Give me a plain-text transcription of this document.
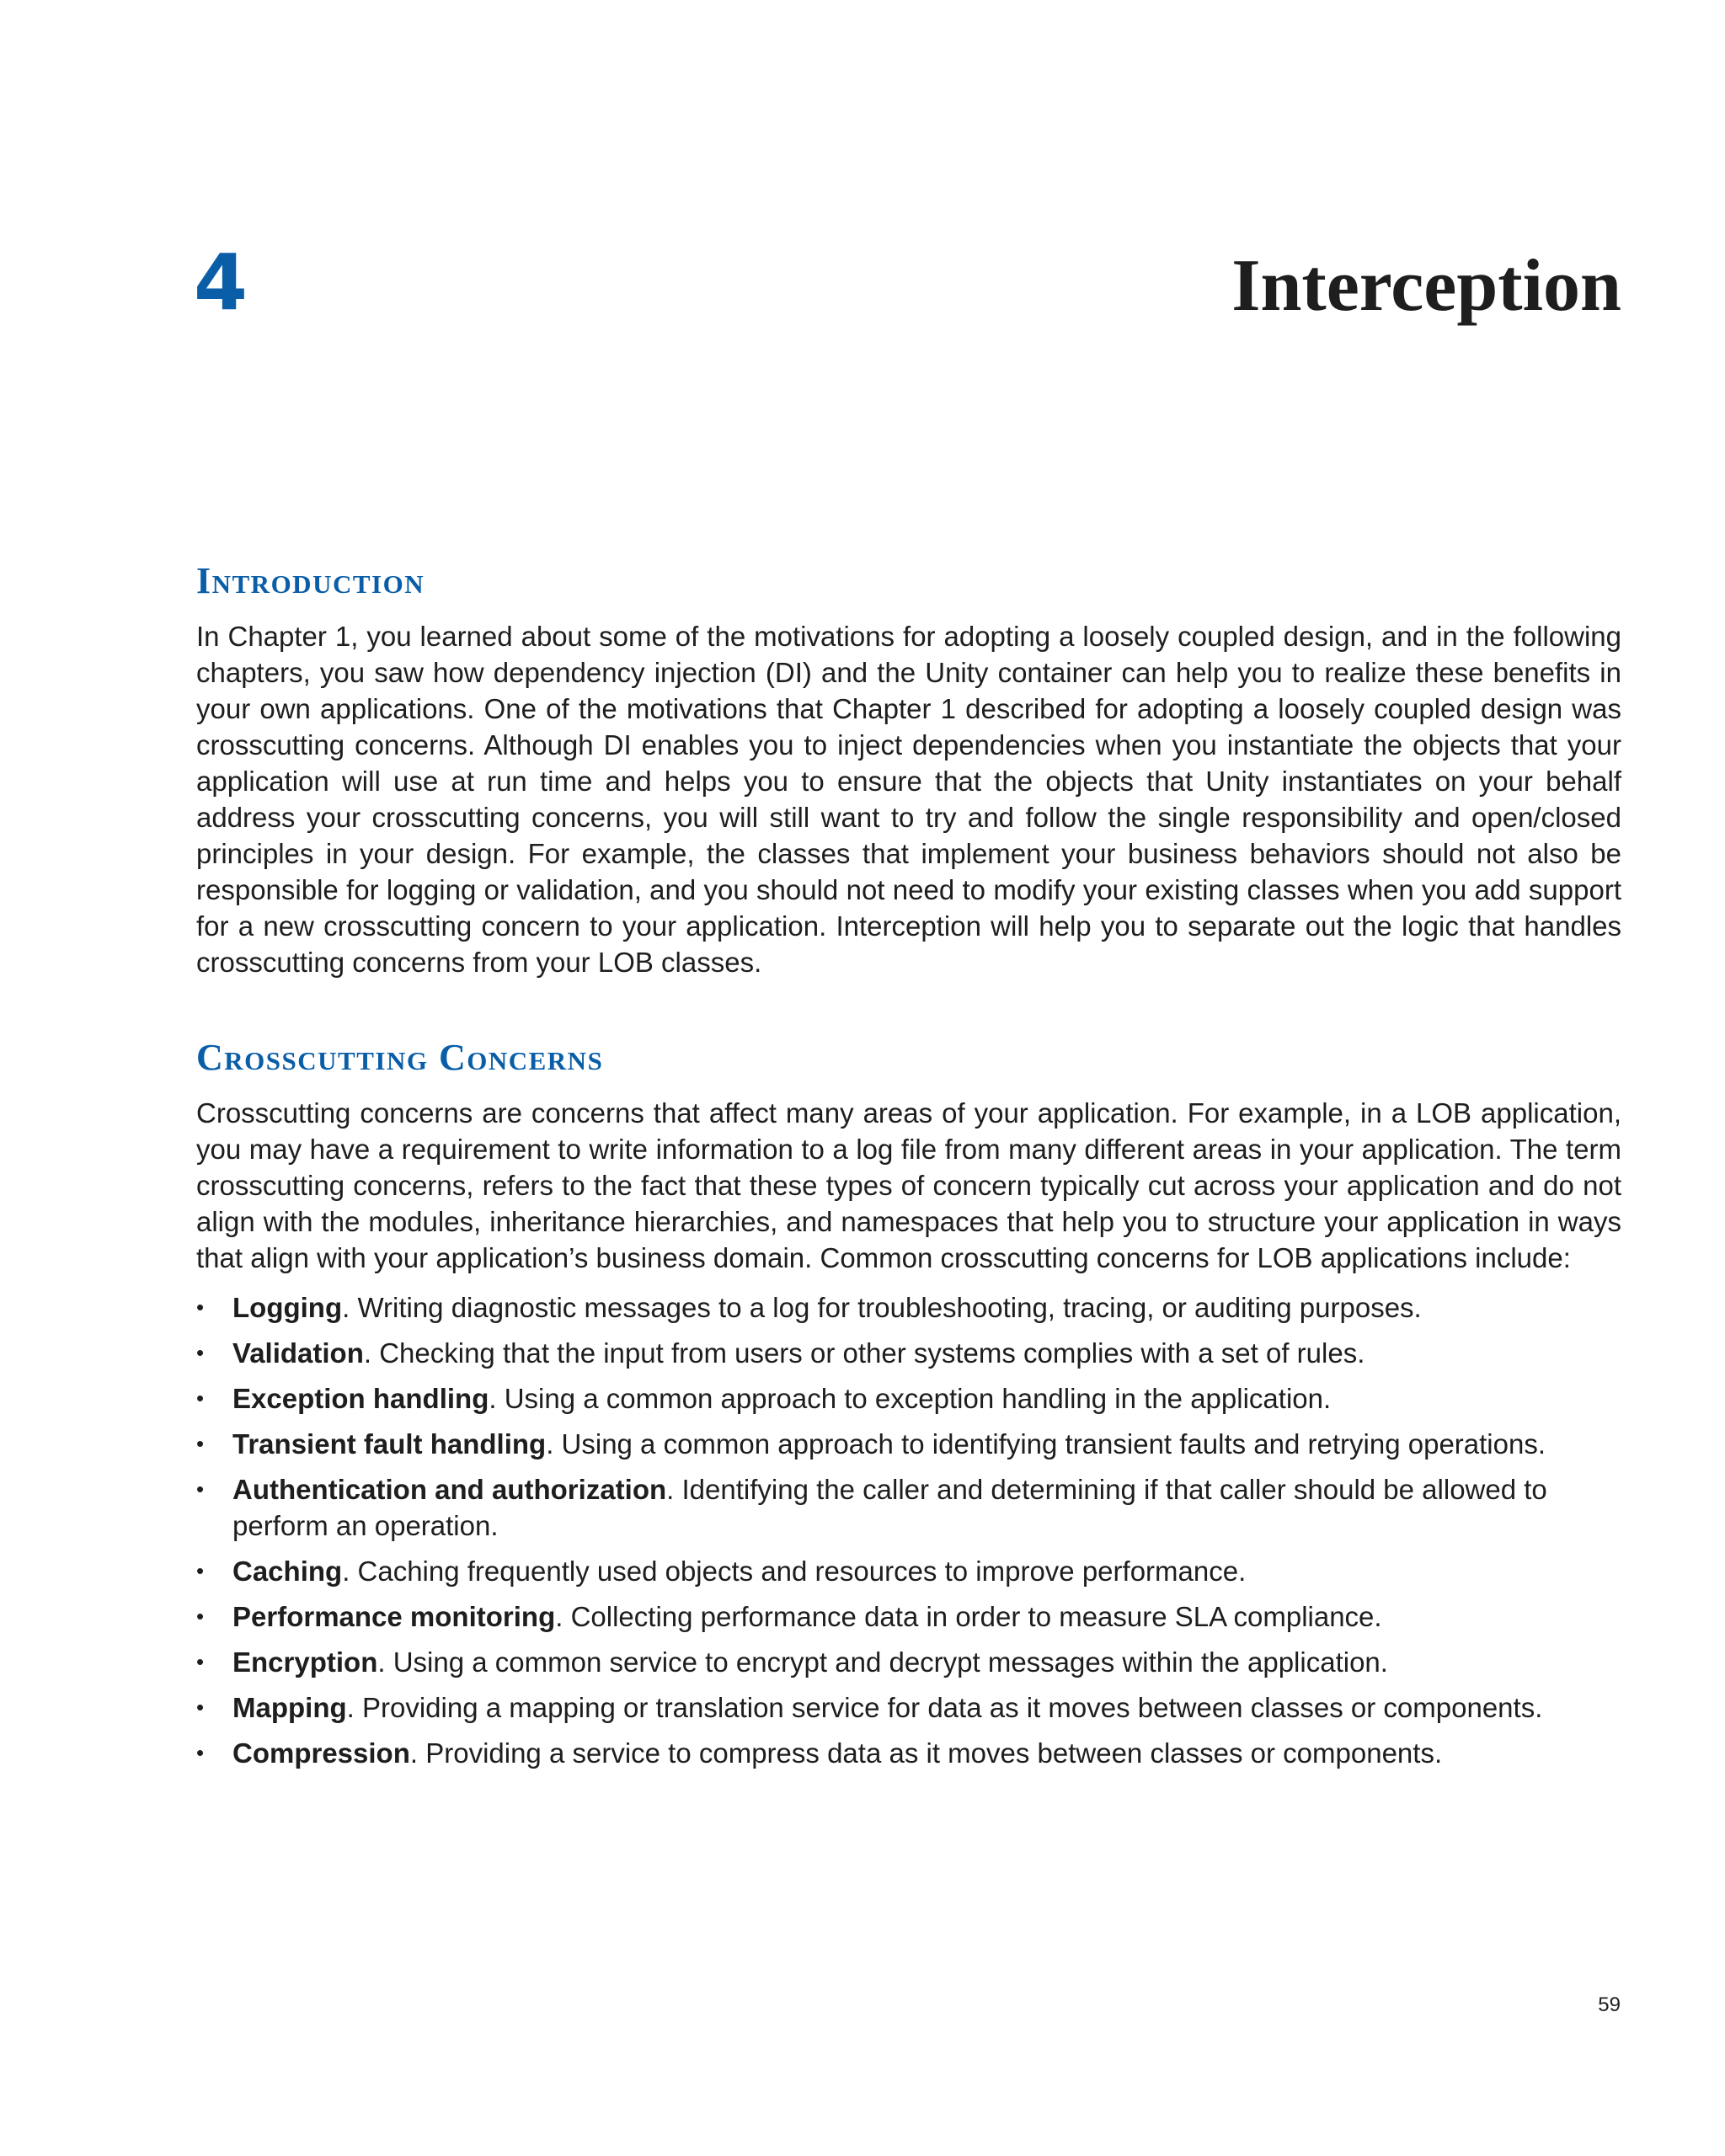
4	Interception
Introduction

In Chapter 1, you learned about some of the motivations for adopting a loosely coupled design, and in the following chapters, you saw how dependency injection (DI) and the Unity container can help you to realize these benefits in your own applications. One of the motivations that Chapter 1 described for adopting a loosely coupled design was crosscutting concerns. Although DI enables you to inject dependencies when you instantiate the objects that your application will use at run time and helps you to ensure that the objects that Unity instantiates on your behalf address your crosscutting concerns, you will still want to try and follow the single responsibility and open/closed principles in your design. For example, the classes that implement your business behaviors should not also be responsible for logging or validation, and you should not need to modify your existing classes when you add support for a new crosscutting concern to your application. Interception will help you to separate out the logic that handles crosscutting concerns from your LOB classes.

Crosscutting Concerns

Crosscutting concerns are concerns that affect many areas of your application. For example, in a LOB application, you may have a requirement to write information to a log file from many different areas in your application. The term crosscutting concerns, refers to the fact that these types of concern typically cut across your application and do not align with the modules, inheritance hierarchies, and namespaces that help you to structure your application in ways that align with your application’s business domain. Common crosscutting concerns for LOB applications include:

•	Logging. Writing diagnostic messages to a log for troubleshooting, tracing, or auditing purposes.
•	Validation. Checking that the input from users or other systems complies with a set of rules.
•	Exception handling. Using a common approach to exception handling in the application.
•	Transient fault handling. Using a common approach to identifying transient faults and retrying operations.
•	Authentication and authorization. Identifying the caller and determining if that caller should be allowed to perform an operation.
•	Caching. Caching frequently used objects and resources to improve performance.
•	Performance monitoring. Collecting performance data in order to measure SLA compliance.
•	Encryption. Using a common service to encrypt and decrypt messages within the application.
•	Mapping. Providing a mapping or translation service for data as it moves between classes or components.
•	Compression. Providing a service to compress data as it moves between classes or components.
59
